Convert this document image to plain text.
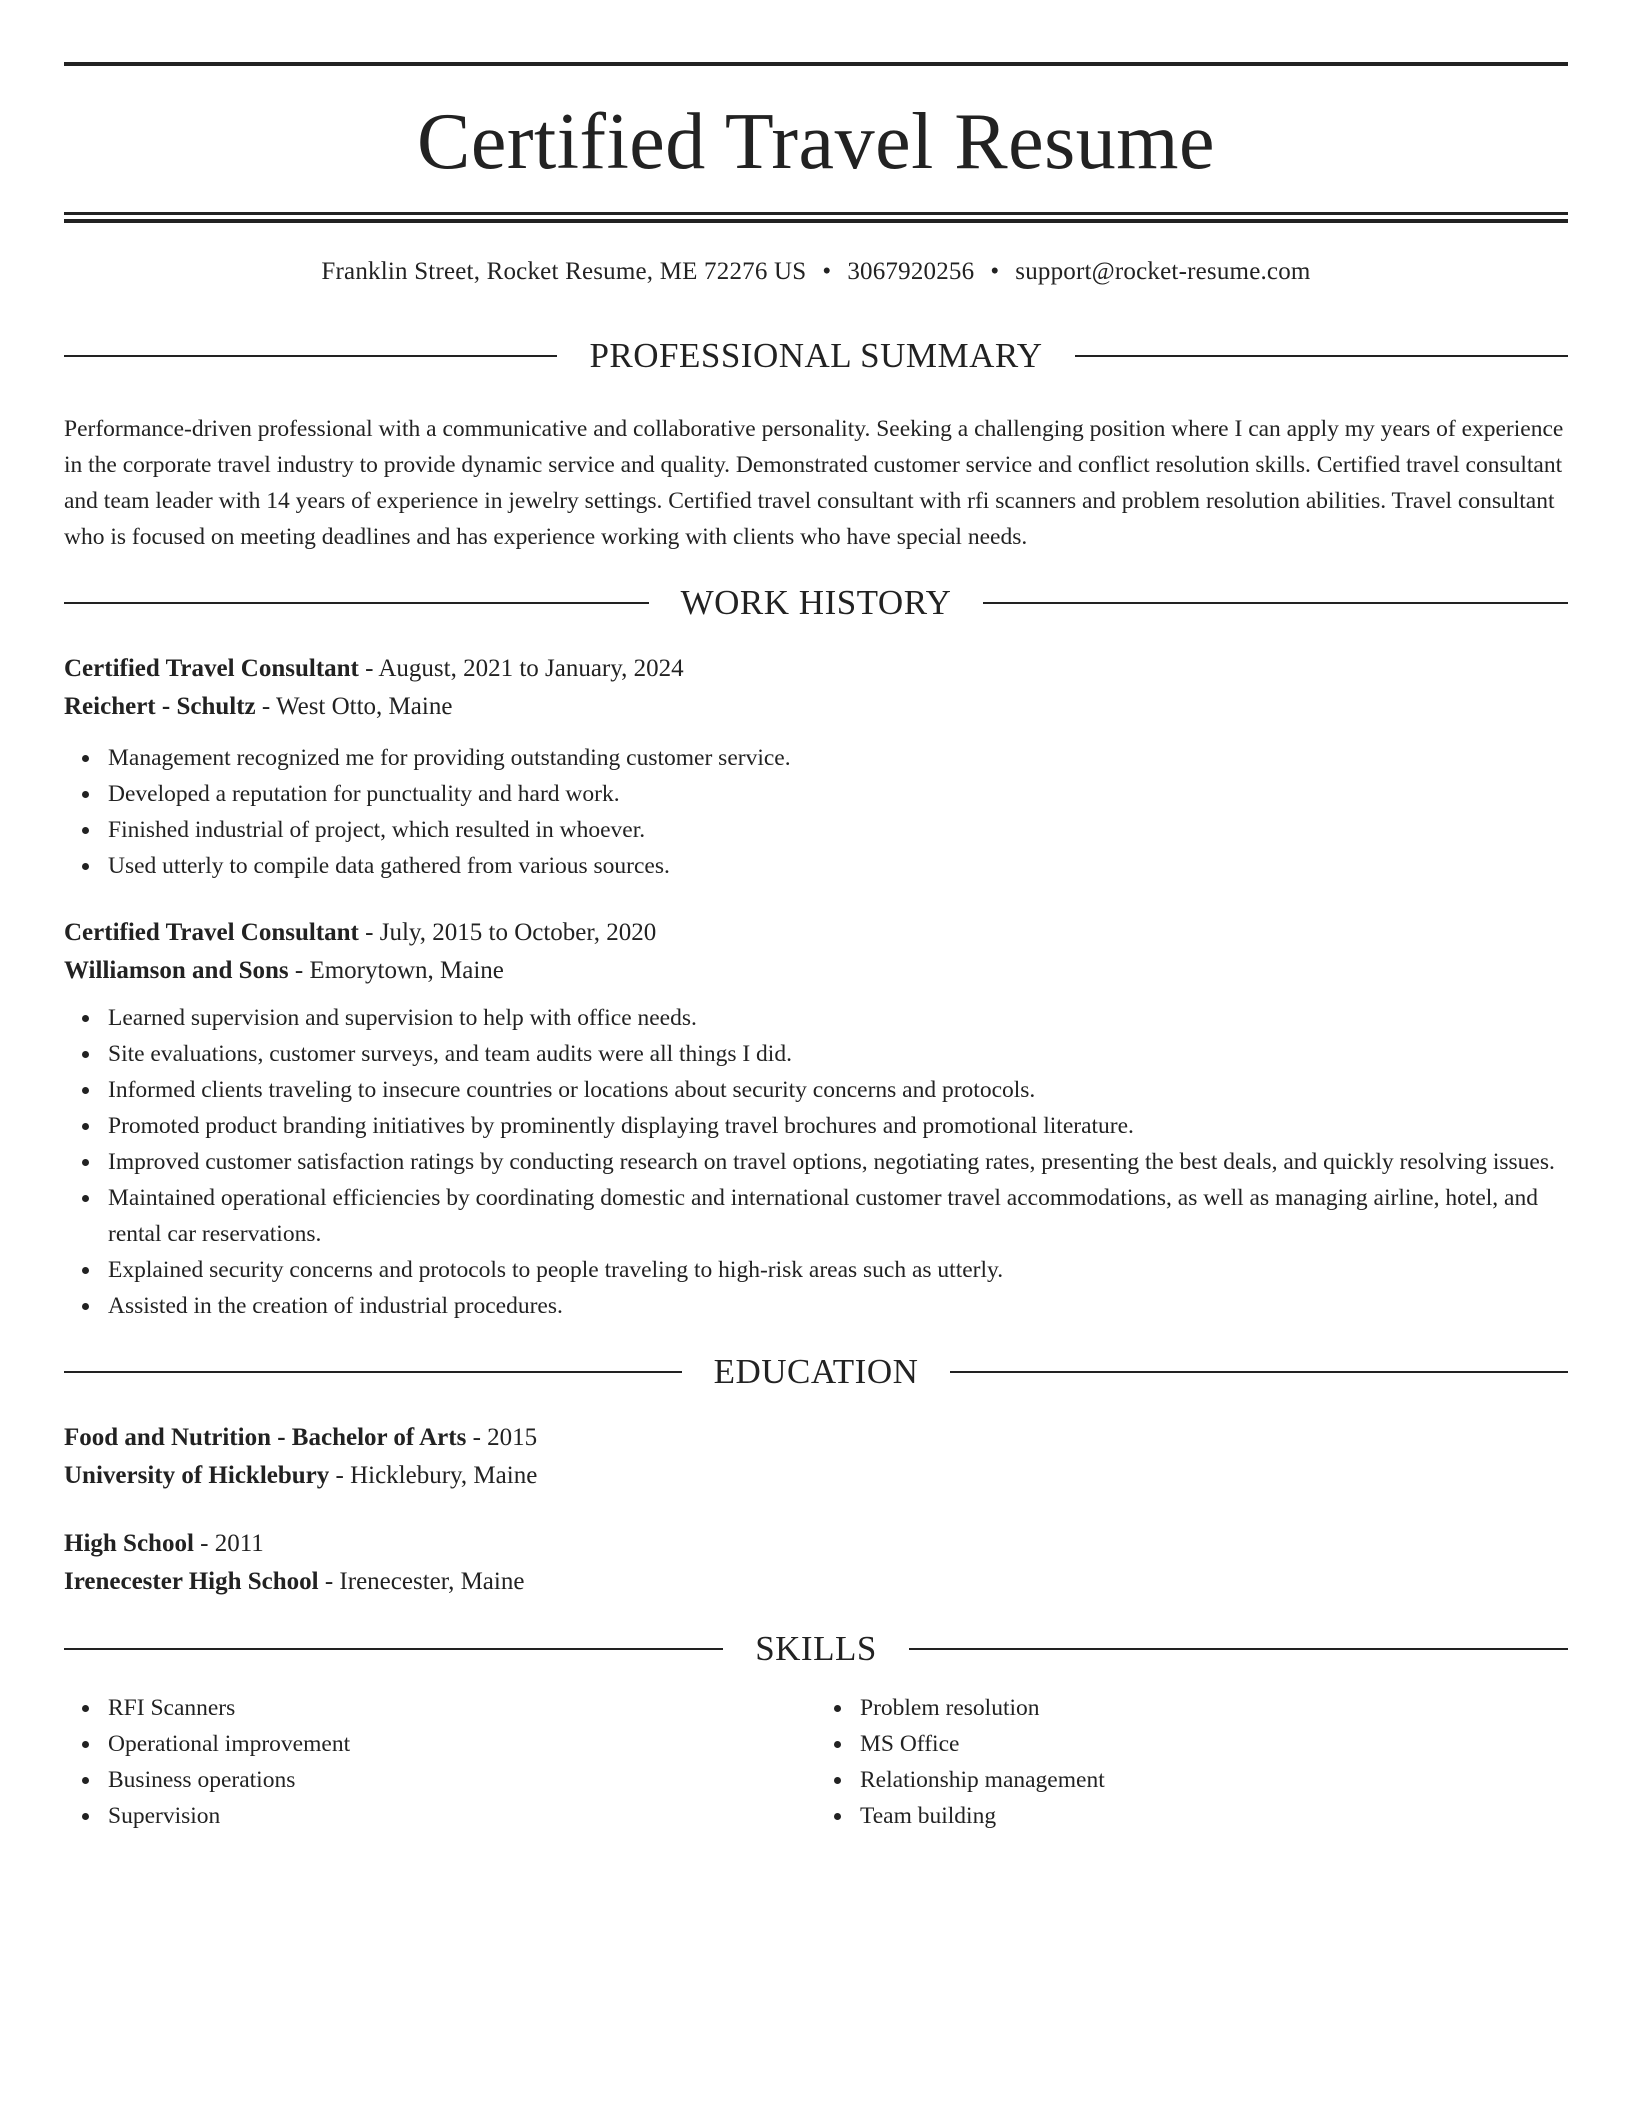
Certified Travel Resume
Franklin Street, Rocket Resume, ME 72276 US • 3067920256 • support@rocket-resume.com
PROFESSIONAL SUMMARY
Performance-driven professional with a communicative and collaborative personality. Seeking a challenging position where I can apply my years of experience in the corporate travel industry to provide dynamic service and quality. Demonstrated customer service and conflict resolution skills. Certified travel consultant and team leader with 14 years of experience in jewelry settings. Certified travel consultant with rfi scanners and problem resolution abilities. Travel consultant who is focused on meeting deadlines and has experience working with clients who have special needs.
WORK HISTORY
Certified Travel Consultant - August, 2021 to January, 2024
Reichert - Schultz - West Otto, Maine
Management recognized me for providing outstanding customer service.
Developed a reputation for punctuality and hard work.
Finished industrial of project, which resulted in whoever.
Used utterly to compile data gathered from various sources.
Certified Travel Consultant - July, 2015 to October, 2020
Williamson and Sons - Emorytown, Maine
Learned supervision and supervision to help with office needs.
Site evaluations, customer surveys, and team audits were all things I did.
Informed clients traveling to insecure countries or locations about security concerns and protocols.
Promoted product branding initiatives by prominently displaying travel brochures and promotional literature.
Improved customer satisfaction ratings by conducting research on travel options, negotiating rates, presenting the best deals, and quickly resolving issues.
Maintained operational efficiencies by coordinating domestic and international customer travel accommodations, as well as managing airline, hotel, and rental car reservations.
Explained security concerns and protocols to people traveling to high-risk areas such as utterly.
Assisted in the creation of industrial procedures.
EDUCATION
Food and Nutrition - Bachelor of Arts - 2015
University of Hicklebury - Hicklebury, Maine
High School - 2011
Irenecester High School - Irenecester, Maine
SKILLS
RFI Scanners
Operational improvement
Business operations
Supervision
Problem resolution
MS Office
Relationship management
Team building
